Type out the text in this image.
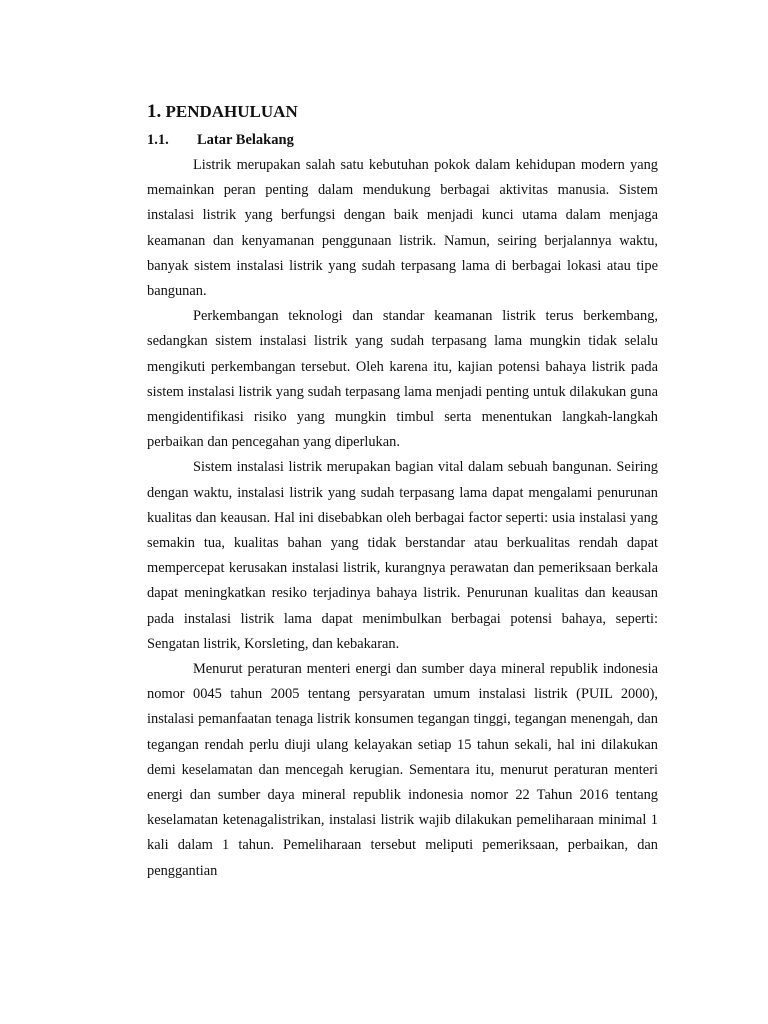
1. PENDAHULUAN
1.1. Latar Belakang

Listrik merupakan salah satu kebutuhan pokok dalam kehidupan modern yang memainkan peran penting dalam mendukung berbagai aktivitas manusia. Sistem instalasi listrik yang berfungsi dengan baik menjadi kunci utama dalam menjaga keamanan dan kenyamanan penggunaan listrik. Namun, seiring berjalannya waktu, banyak sistem instalasi listrik yang sudah terpasang lama di berbagai lokasi atau tipe bangunan.

Perkembangan teknologi dan standar keamanan listrik terus berkembang, sedangkan sistem instalasi listrik yang sudah terpasang lama mungkin tidak selalu mengikuti perkembangan tersebut. Oleh karena itu, kajian potensi bahaya listrik pada sistem instalasi listrik yang sudah terpasang lama menjadi penting untuk dilakukan guna mengidentifikasi risiko yang mungkin timbul serta menentukan langkah-langkah perbaikan dan pencegahan yang diperlukan.

Sistem instalasi listrik merupakan bagian vital dalam sebuah bangunan. Seiring dengan waktu, instalasi listrik yang sudah terpasang lama dapat mengalami penurunan kualitas dan keausan. Hal ini disebabkan oleh berbagai factor seperti: usia instalasi yang semakin tua, kualitas bahan yang tidak berstandar atau berkualitas rendah dapat mempercepat kerusakan instalasi listrik, kurangnya perawatan dan pemeriksaan berkala dapat meningkatkan resiko terjadinya bahaya listrik. Penurunan kualitas dan keausan pada instalasi listrik lama dapat menimbulkan berbagai potensi bahaya, seperti: Sengatan listrik, Korsleting, dan kebakaran.

Menurut peraturan menteri energi dan sumber daya mineral republik indonesia nomor 0045 tahun 2005 tentang persyaratan umum instalasi listrik (PUIL 2000), instalasi pemanfaatan tenaga listrik konsumen tegangan tinggi, tegangan menengah, dan tegangan rendah perlu diuji ulang kelayakan setiap 15 tahun sekali, hal ini dilakukan demi keselamatan dan mencegah kerugian. Sementara itu, menurut peraturan menteri energi dan sumber daya mineral republik indonesia nomor 22 Tahun 2016 tentang keselamatan ketenagalistrikan, instalasi listrik wajib dilakukan pemeliharaan minimal 1 kali dalam 1 tahun. Pemeliharaan tersebut meliputi pemeriksaan, perbaikan, dan penggantian
